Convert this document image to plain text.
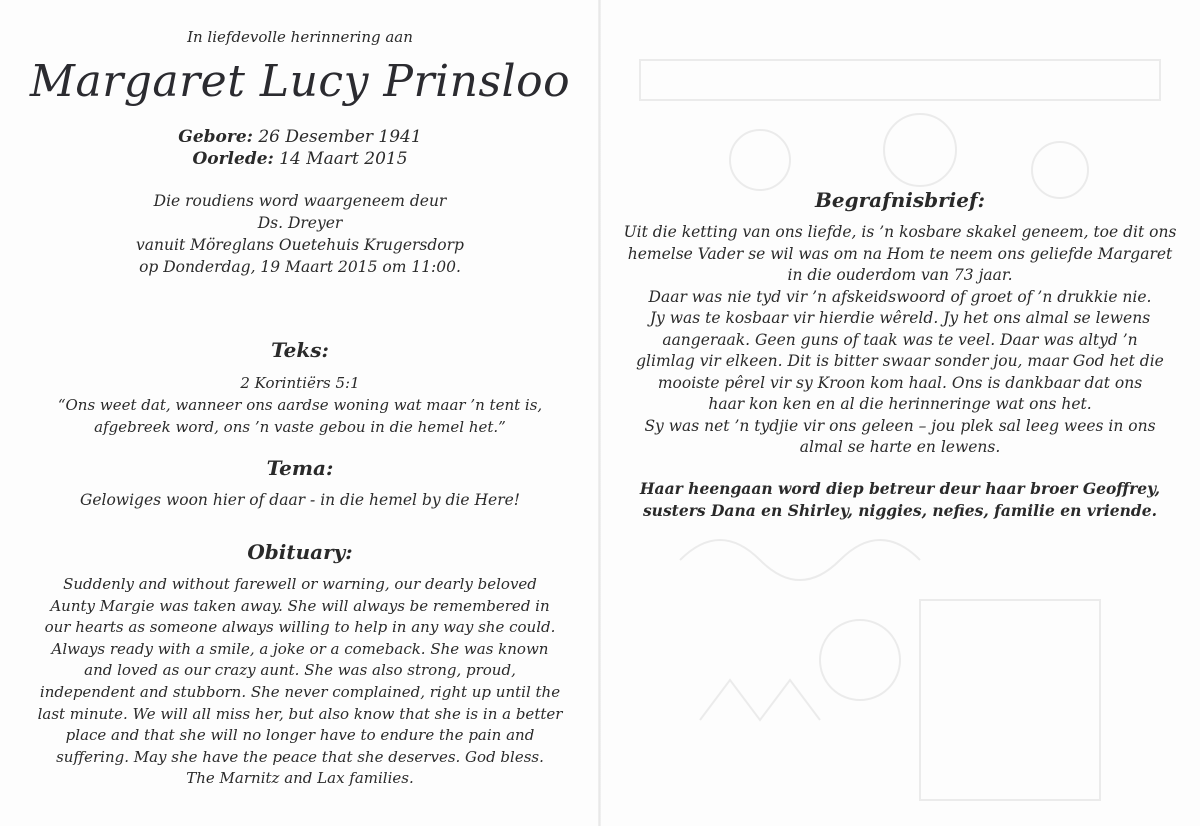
In liefdevolle herinnering aan
Margaret Lucy Prinsloo
Gebore: 26 Desember 1941
Oorlede: 14 Maart 2015
Die roudiens word waargeneem deur
Ds. Dreyer
vanuit Möreglans Ouetehuis Krugersdorp
op Donderdag, 19 Maart 2015 om 11:00.
Teks:
2 Korintiërs 5:1
“Ons weet dat, wanneer ons aardse woning wat maar ’n tent is,
afgebreek word, ons ’n vaste gebou in die hemel het.”
Tema:
Gelowiges woon hier of daar - in die hemel by die Here!
Obituary:
Suddenly and without farewell or warning, our dearly beloved
Aunty Margie was taken away. She will always be remembered in
our hearts as someone always willing to help in any way she could.
Always ready with a smile, a joke or a comeback. She was known
and loved as our crazy aunt. She was also strong, proud,
independent and stubborn. She never complained, right up until the
last minute. We will all miss her, but also know that she is in a better
place and that she will no longer have to endure the pain and
suffering. May she have the peace that she deserves. God bless.
The Marnitz and Lax families.
Begrafnisbrief:
Uit die ketting van ons liefde, is ’n kosbare skakel geneem, toe dit ons
hemelse Vader se wil was om na Hom te neem ons geliefde Margaret
in die ouderdom van 73 jaar.
Daar was nie tyd vir ’n afskeidswoord of groet of ’n drukkie nie.
Jy was te kosbaar vir hierdie wêreld. Jy het ons almal se lewens
aangeraak. Geen guns of taak was te veel. Daar was altyd ’n
glimlag vir elkeen. Dit is bitter swaar sonder jou, maar God het die
mooiste pêrel vir sy Kroon kom haal. Ons is dankbaar dat ons
haar kon ken en al die herinneringe wat ons het.
Sy was net ’n tydjie vir ons geleen – jou plek sal leeg wees in ons
almal se harte en lewens.
Haar heengaan word diep betreur deur haar broer Geoffrey,
susters Dana en Shirley, niggies, nefies, familie en vriende.
